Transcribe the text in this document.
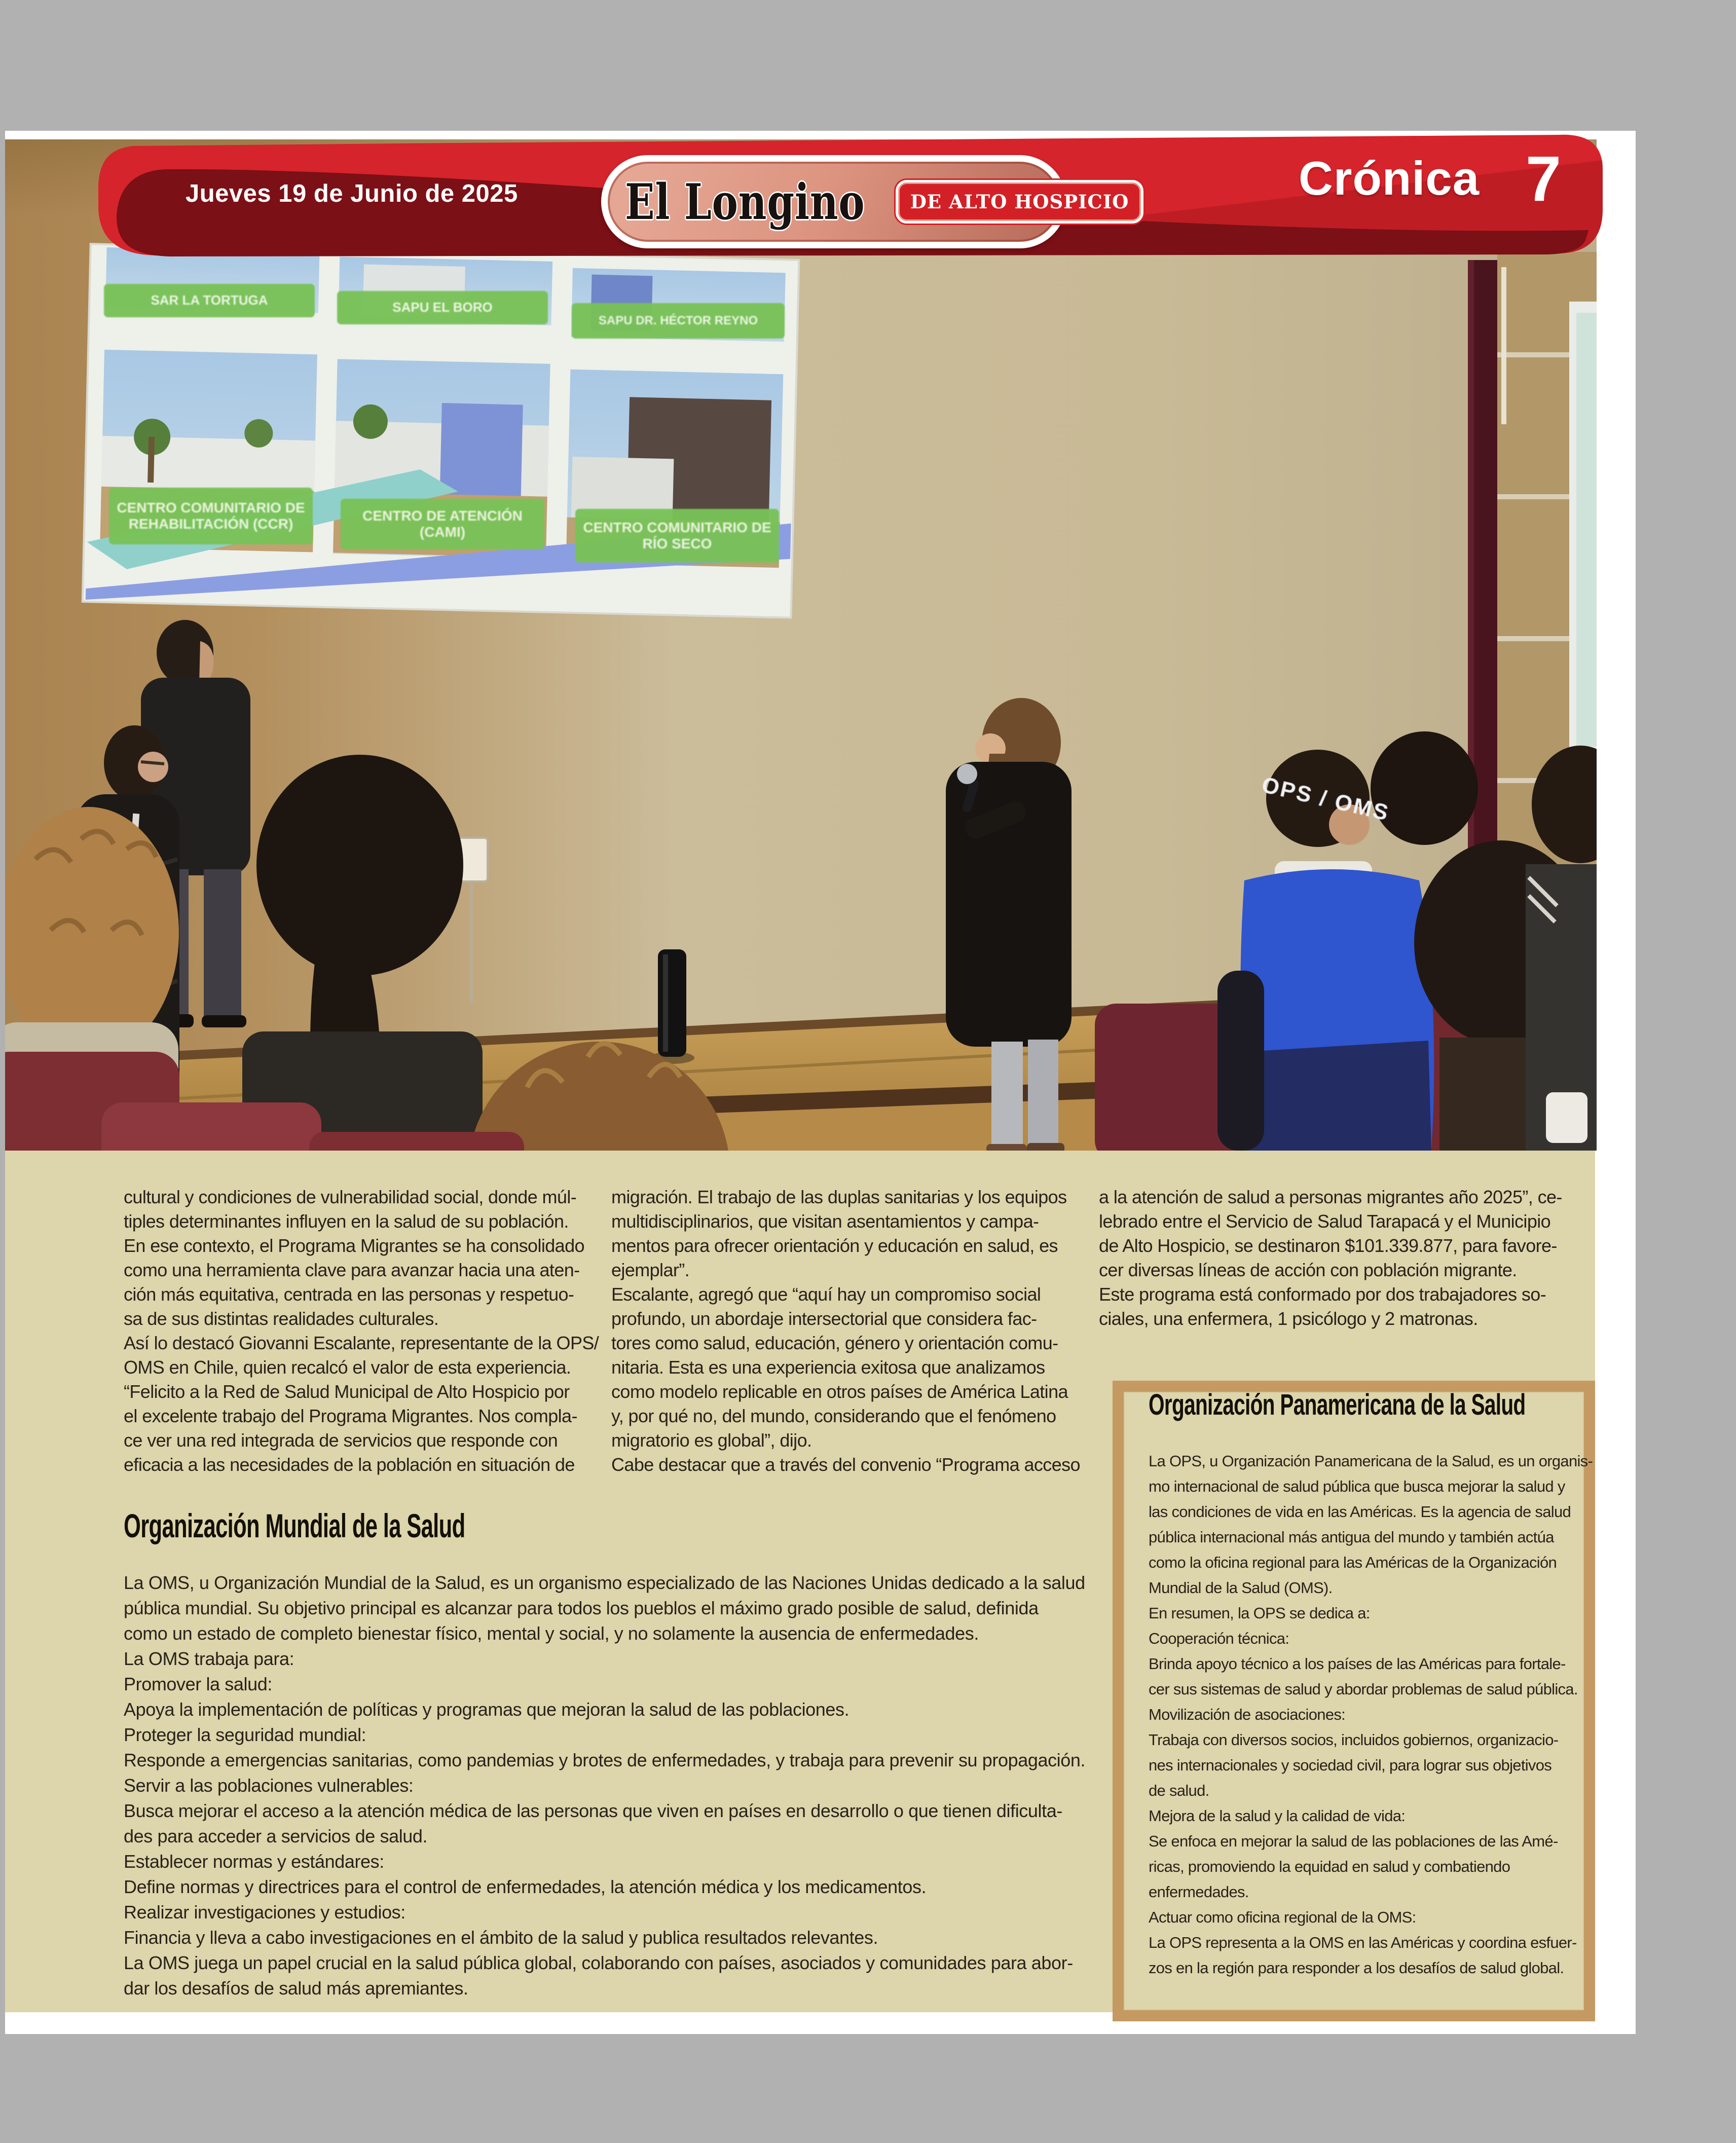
SAR LA TORTUGA	SAPU EL BORO
SAPU DR. HÉCTOR REYNO
CENTRO COMUNITARIO DE REHABILITACIÓN (CCR)
CENTRO DE ATENCIÓN (CAMI)	CENTRO COMUNITARIO DE RÍO SECO
OPS / OMS
Jueves 19 de Junio de 2025	El Longino	DE ALTO HOSPICIO	Crónica 7
cultural y condiciones de vulnerabilidad social, donde múl-
tiples determinantes influyen en la salud de su población.
En ese contexto, el Programa Migrantes se ha consolidado
como una herramienta clave para avanzar hacia una aten-
ción más equitativa, centrada en las personas y respetuo-
sa de sus distintas realidades culturales.
Así lo destacó Giovanni Escalante, representante de la OPS/
OMS en Chile, quien recalcó el valor de esta experiencia.
“Felicito a la Red de Salud Municipal de Alto Hospicio por
el excelente trabajo del Programa Migrantes. Nos compla-
ce ver una red integrada de servicios que responde con
eficacia a las necesidades de la población en situación de
migración. El trabajo de las duplas sanitarias y los equipos
multidisciplinarios, que visitan asentamientos y campa-
mentos para ofrecer orientación y educación en salud, es
ejemplar”.
Escalante, agregó que “aquí hay un compromiso social
profundo, un abordaje intersectorial que considera fac-
tores como salud, educación, género y orientación comu-
nitaria. Esta es una experiencia exitosa que analizamos
como modelo replicable en otros países de América Latina
y, por qué no, del mundo, considerando que el fenómeno
migratorio es global”, dijo.
Cabe destacar que a través del convenio “Programa acceso
a la atención de salud a personas migrantes año 2025”, ce-
lebrado entre el Servicio de Salud Tarapacá y el Municipio
de Alto Hospicio, se destinaron $101.339.877, para favore-
cer diversas líneas de acción con población migrante.
Este programa está conformado por dos trabajadores so-
ciales, una enfermera, 1 psicólogo y 2 matronas.
Organización Mundial de la Salud
La OMS, u Organización Mundial de la Salud, es un organismo especializado de las Naciones Unidas dedicado a la salud
pública mundial. Su objetivo principal es alcanzar para todos los pueblos el máximo grado posible de salud, definida
como un estado de completo bienestar físico, mental y social, y no solamente la ausencia de enfermedades.
La OMS trabaja para:
Promover la salud:
Apoya la implementación de políticas y programas que mejoran la salud de las poblaciones.
Proteger la seguridad mundial:
Responde a emergencias sanitarias, como pandemias y brotes de enfermedades, y trabaja para prevenir su propagación.
Servir a las poblaciones vulnerables:
Busca mejorar el acceso a la atención médica de las personas que viven en países en desarrollo o que tienen dificulta-
des para acceder a servicios de salud.
Establecer normas y estándares:
Define normas y directrices para el control de enfermedades, la atención médica y los medicamentos.
Realizar investigaciones y estudios:
Financia y lleva a cabo investigaciones en el ámbito de la salud y publica resultados relevantes.
La OMS juega un papel crucial en la salud pública global, colaborando con países, asociados y comunidades para abor-
dar los desafíos de salud más apremiantes.
Organización Panamericana de la Salud
La OPS, u Organización Panamericana de la Salud, es un organis-
mo internacional de salud pública que busca mejorar la salud y
las condiciones de vida en las Américas. Es la agencia de salud
pública internacional más antigua del mundo y también actúa
como la oficina regional para las Américas de la Organización
Mundial de la Salud (OMS).
En resumen, la OPS se dedica a:
Cooperación técnica:
Brinda apoyo técnico a los países de las Américas para fortale-
cer sus sistemas de salud y abordar problemas de salud pública.
Movilización de asociaciones:
Trabaja con diversos socios, incluidos gobiernos, organizacio-
nes internacionales y sociedad civil, para lograr sus objetivos
de salud.
Mejora de la salud y la calidad de vida:
Se enfoca en mejorar la salud de las poblaciones de las Amé-
ricas, promoviendo la equidad en salud y combatiendo
enfermedades.
Actuar como oficina regional de la OMS:
La OPS representa a la OMS en las Américas y coordina esfuer-
zos en la región para responder a los desafíos de salud global.
